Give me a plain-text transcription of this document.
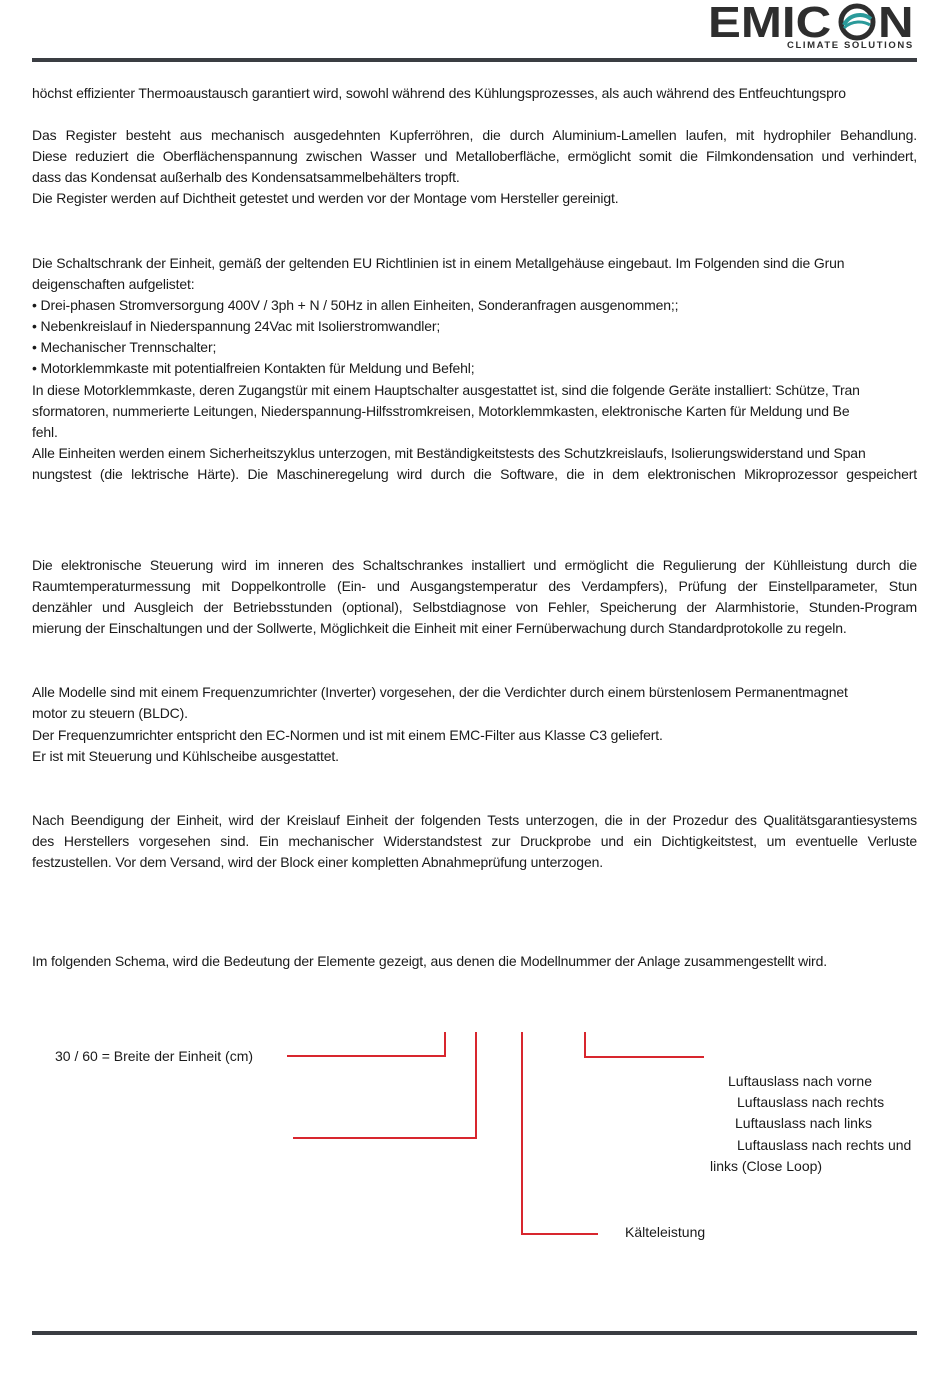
EMIC N
CLIMATE SOLUTIONS
höchst effizienter Thermoaustausch garantiert wird, sowohl während des Kühlungsprozesses, als auch während des Entfeuchtungspro
Das Register besteht aus mechanisch ausgedehnten Kupferröhren, die durch Aluminium-Lamellen laufen, mit hydrophiler Behandlung.
Diese reduziert die Oberflächenspannung zwischen Wasser und Metalloberfläche, ermöglicht somit die Filmkondensation und verhindert,
dass das Kondensat außerhalb des Kondensatsammelbehälters tropft.
Die Register werden auf Dichtheit getestet und werden vor der Montage vom Hersteller gereinigt.
Die Schaltschrank der Einheit, gemäß der geltenden EU Richtlinien ist in einem Metallgehäuse eingebaut. Im Folgenden sind die Grun
deigenschaften aufgelistet:
• Drei-phasen Stromversorgung 400V / 3ph + N / 50Hz in allen Einheiten, Sonderanfragen ausgenommen;;
• Nebenkreislauf in Niederspannung 24Vac mit Isolierstromwandler;
• Mechanischer Trennschalter;
• Motorklemmkaste mit potentialfreien Kontakten für Meldung und Befehl;
In diese Motorklemmkaste, deren Zugangstür mit einem Hauptschalter ausgestattet ist, sind die folgende Geräte installiert: Schütze, Tran
sformatoren, nummerierte Leitungen, Niederspannung-Hilfsstromkreisen, Motorklemmkasten, elektronische Karten für Meldung und Be
fehl.
Alle Einheiten werden einem Sicherheitszyklus unterzogen, mit Beständigkeitstests des Schutzkreislaufs, Isolierungswiderstand und Span
nungstest (die lektrische Härte). Die Maschineregelung wird durch die Software, die in dem elektronischen Mikroprozessor gespeichert
Die elektronische Steuerung wird im inneren des Schaltschrankes installiert und ermöglicht die Regulierung der Kühlleistung durch die
Raumtemperaturmessung mit Doppelkontrolle (Ein- und Ausgangstemperatur des Verdampfers), Prüfung der Einstellparameter, Stun
denzähler und Ausgleich der Betriebsstunden (optional), Selbstdiagnose von Fehler, Speicherung der Alarmhistorie, Stunden-Program
mierung der Einschaltungen und der Sollwerte, Möglichkeit die Einheit mit einer Fernüberwachung durch Standardprotokolle zu regeln.
Alle Modelle sind mit einem Frequenzumrichter (Inverter) vorgesehen, der die Verdichter durch einem bürstenlosem Permanentmagnet
motor zu steuern (BLDC).
Der Frequenzumrichter entspricht den EC-Normen und ist mit einem EMC-Filter aus Klasse C3 geliefert.
Er ist mit Steuerung und Kühlscheibe ausgestattet.
Nach Beendigung der Einheit, wird der Kreislauf Einheit der folgenden Tests unterzogen, die in der Prozedur des Qualitätsgarantiesystems
des Herstellers vorgesehen sind. Ein mechanischer Widerstandstest zur Druckprobe und ein Dichtigkeitstest, um eventuelle Verluste
festzustellen. Vor dem Versand, wird der Block einer kompletten Abnahmeprüfung unterzogen.
Im folgenden Schema, wird die Bedeutung der Elemente gezeigt, aus denen die Modellnummer der Anlage zusammengestellt wird.
30 / 60 = Breite der Einheit (cm)
Luftauslass nach vorne
Luftauslass nach rechts
Luftauslass nach links
Luftauslass nach rechts und
links (Close Loop)
Kälteleistung
